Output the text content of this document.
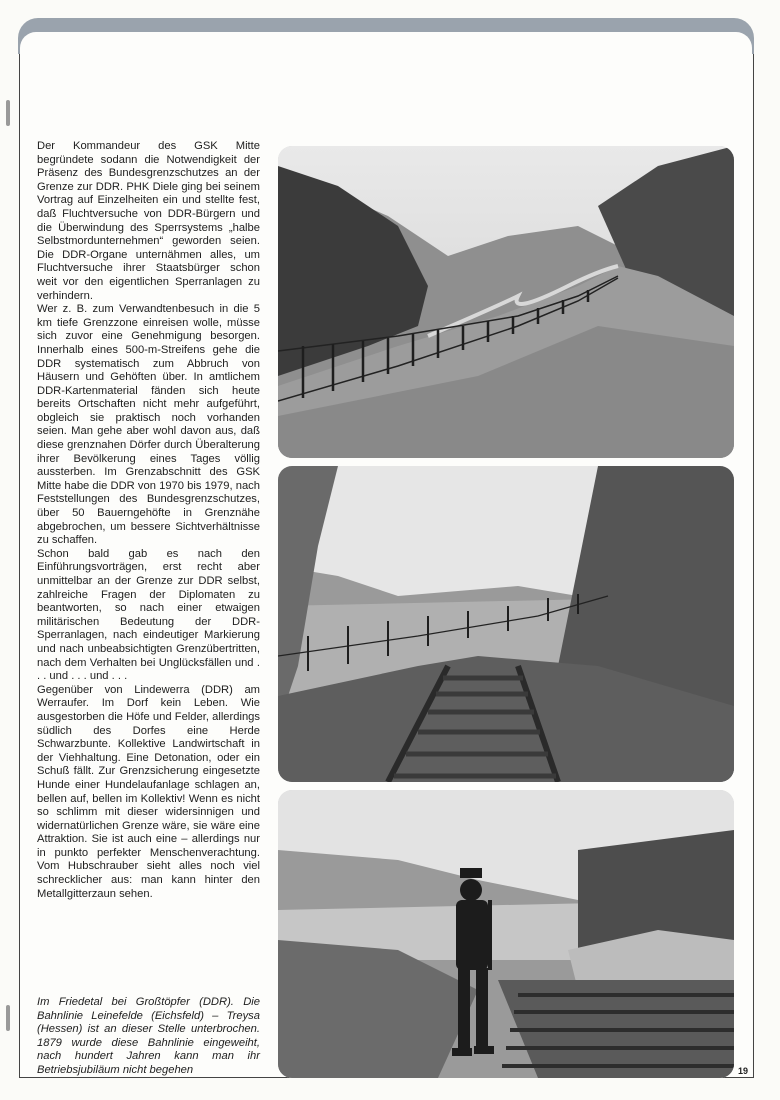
Der Kommandeur des GSK Mitte begründete sodann die Notwendigkeit der Präsenz des Bundesgrenzschutzes an der Grenze zur DDR. PHK Diele ging bei seinem Vortrag auf Einzelheiten ein und stellte fest, daß Fluchtversuche von DDR-Bürgern und die Überwindung des Sperrsystems „halbe Selbstmordunternehmen“ geworden seien. Die DDR-Organe unternähmen alles, um Fluchtversuche ihrer Staatsbürger schon weit vor den eigentlichen Sperranlagen zu verhindern.

Wer z. B. zum Verwandtenbesuch in die 5 km tiefe Grenzzone einreisen wolle, müsse sich zuvor eine Genehmigung besorgen. Innerhalb eines 500-m-Streifens gehe die DDR systematisch zum Abbruch von Häusern und Gehöften über. In amtlichem DDR-Kartenmaterial fänden sich heute bereits Ortschaften nicht mehr aufgeführt, obgleich sie praktisch noch vorhanden seien. Man gehe aber wohl davon aus, daß diese grenznahen Dörfer durch Überalterung ihrer Bevölkerung eines Tages völlig aussterben. Im Grenzabschnitt des GSK Mitte habe die DDR von 1970 bis 1979, nach Feststellungen des Bundesgrenzschutzes, über 50 Bauerngehöfte in Grenznähe abgebrochen, um bessere Sichtverhältnisse zu schaffen.

Schon bald gab es nach den Einführungsvorträgen, erst recht aber unmittelbar an der Grenze zur DDR selbst, zahlreiche Fragen der Diplomaten zu beantworten, so nach einer etwaigen militärischen Bedeutung der DDR-Sperranlagen, nach eindeutiger Markierung und nach unbeabsichtigten Grenzübertritten, nach dem Verhalten bei Unglücksfällen und . . . und . . . und . . .

Gegenüber von Lindewerra (DDR) am Werraufer. Im Dorf kein Leben. Wie ausgestorben die Höfe und Felder, allerdings südlich des Dorfes eine Herde Schwarzbunte. Kollektive Landwirtschaft in der Viehhaltung. Eine Detonation, oder ein Schuß fällt. Zur Grenzsicherung eingesetzte Hunde einer Hundelaufanlage schlagen an, bellen auf, bellen im Kollektiv! Wenn es nicht so schlimm mit dieser widersinnigen und widernatürlichen Grenze wäre, sie wäre eine Attraktion. Sie ist auch eine – allerdings nur in punkto perfekter Menschenverachtung. Vom Hubschrauber sieht alles noch viel schrecklicher aus: man kann hinter den Metallgitterzaun sehen.

Im Friedetal bei Großtöpfer (DDR). Die Bahnlinie Leinefelde (Eichsfeld) – Treysa (Hessen) ist an dieser Stelle unterbrochen. 1879 wurde diese Bahnlinie eingeweiht, nach hundert Jahren kann man ihr Betriebsjubiläum nicht begehen	19
